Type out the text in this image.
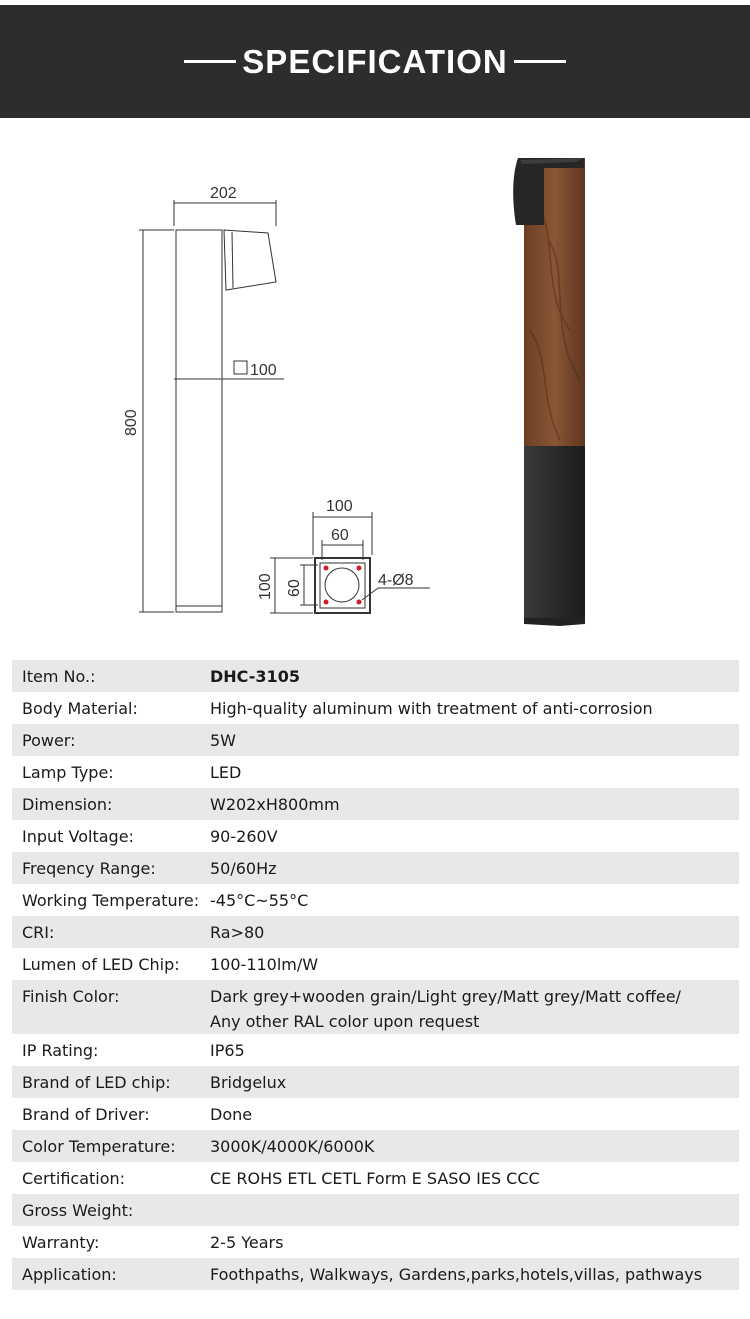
SPECIFICATION
202
100
800
100
60
100 60	4-Ø8
Item No.:	DHC-3105
Body Material:	High-quality aluminum with treatment of anti-corrosion
Power:	5W
Lamp Type:	LED
Dimension:	W202xH800mm
Input Voltage:	90-260V
Freqency Range:	50/60Hz
Working Temperature:	-45°C~55°C
CRI:	Ra>80
Lumen of LED Chip:	100-110lm/W
Finish Color:	Dark grey+wooden grain/Light grey/Matt grey/Matt coffee/
Any other RAL color upon request

IP Rating:	IP65
Brand of LED chip:	Bridgelux
Brand of Driver:	Done
Color Temperature:	3000K/4000K/6000K
Certification:	CE ROHS ETL CETL Form E SASO IES CCC
Gross Weight:	
Warranty:	2-5 Years
Application:	Foothpaths, Walkways, Gardens,parks,hotels,villas, pathways
